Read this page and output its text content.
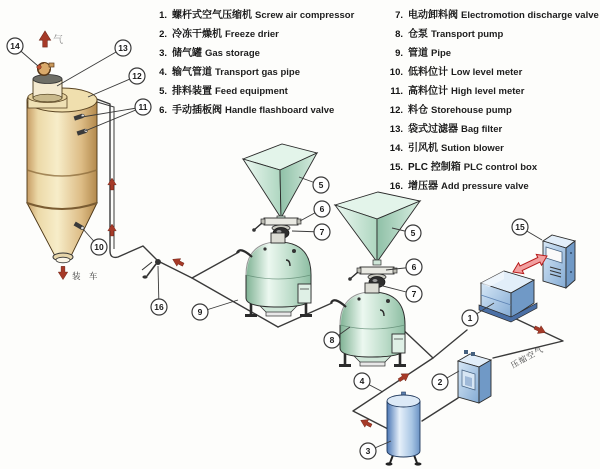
1. 螺杆式空气压缩机 Screw air compressor
2. 冷冻干燥机 Freeze drier
3. 储气罐 Gas storage
4. 输气管道 Transport gas pipe
5. 排料装置 Feed equipment
6. 手动插板阀 Handle flashboard valve
7. 电动卸料阀 Electromotion discharge valve
8. 仓泵 Transport pump
9. 管道 Pipe
10. 低料位计 Low level meter
11. 高料位计 High level meter
12. 料仓 Storehouse pump
13. 袋式过滤器 Bag filter
14. 引风机 Sution blower
15. PLC 控制箱 PLC control box
16. 增压器 Add pressure valve
气
装 车
压缩空气
1
2
3
4
5
6
7	5
6
7
8
9
10
11
12
13
14
15
16
